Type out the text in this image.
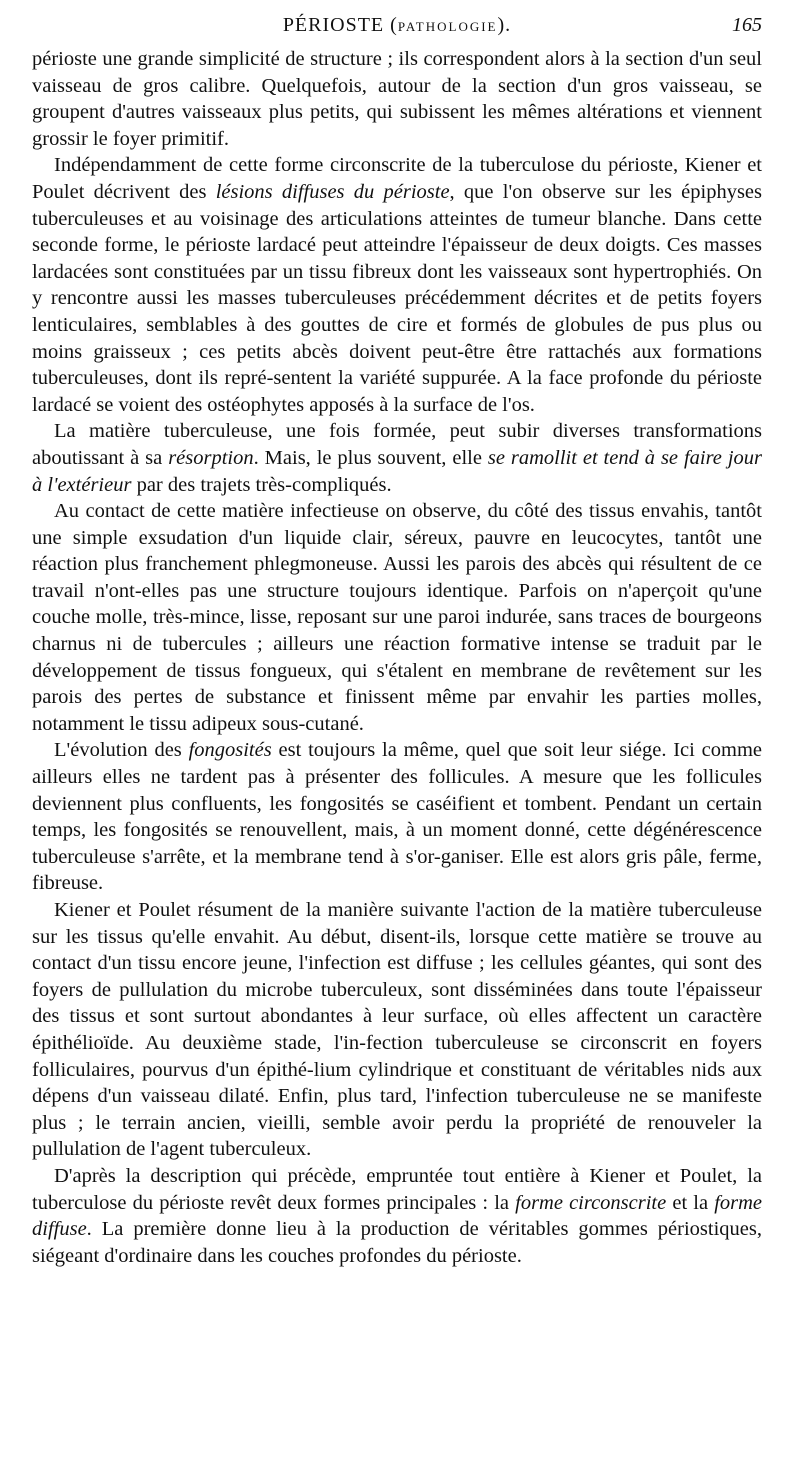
PÉRIOSTE (PATHOLOGIE).	165

périoste une grande simplicité de structure ; ils correspondent alors à la section d'un seul vaisseau de gros calibre. Quelquefois, autour de la section d'un gros vaisseau, se groupent d'autres vaisseaux plus petits, qui subissent les mêmes altérations et viennent grossir le foyer primitif.

Indépendamment de cette forme circonscrite de la tuberculose du périoste, Kiener et Poulet décrivent des lésions diffuses du périoste, que l'on observe sur les épiphyses tuberculeuses et au voisinage des articulations atteintes de tumeur blanche. Dans cette seconde forme, le périoste lardacé peut atteindre l'épaisseur de deux doigts. Ces masses lardacées sont constituées par un tissu fibreux dont les vaisseaux sont hypertrophiés. On y rencontre aussi les masses tuberculeuses précédemment décrites et de petits foyers lenticulaires, semblables à des gouttes de cire et formés de globules de pus plus ou moins graisseux ; ces petits abcès doivent peut-être être rattachés aux formations tuberculeuses, dont ils repré-sentent la variété suppurée. A la face profonde du périoste lardacé se voient des ostéophytes apposés à la surface de l'os.

La matière tuberculeuse, une fois formée, peut subir diverses transformations aboutissant à sa résorption. Mais, le plus souvent, elle se ramollit et tend à se faire jour à l'extérieur par des trajets très-compliqués.

Au contact de cette matière infectieuse on observe, du côté des tissus envahis, tantôt une simple exsudation d'un liquide clair, séreux, pauvre en leucocytes, tantôt une réaction plus franchement phlegmoneuse. Aussi les parois des abcès qui résultent de ce travail n'ont-elles pas une structure toujours identique. Parfois on n'aperçoit qu'une couche molle, très-mince, lisse, reposant sur une paroi indurée, sans traces de bourgeons charnus ni de tubercules ; ailleurs une réaction formative intense se traduit par le développement de tissus fongueux, qui s'étalent en membrane de revêtement sur les parois des pertes de substance et finissent même par envahir les parties molles, notamment le tissu adipeux sous-cutané.

L'évolution des fongosités est toujours la même, quel que soit leur siége. Ici comme ailleurs elles ne tardent pas à présenter des follicules. A mesure que les follicules deviennent plus confluents, les fongosités se caséifient et tombent. Pendant un certain temps, les fongosités se renouvellent, mais, à un moment donné, cette dégénérescence tuberculeuse s'arrête, et la membrane tend à s'or-ganiser. Elle est alors gris pâle, ferme, fibreuse.

Kiener et Poulet résument de la manière suivante l'action de la matière tuberculeuse sur les tissus qu'elle envahit. Au début, disent-ils, lorsque cette matière se trouve au contact d'un tissu encore jeune, l'infection est diffuse ; les cellules géantes, qui sont des foyers de pullulation du microbe tuberculeux, sont disséminées dans toute l'épaisseur des tissus et sont surtout abondantes à leur surface, où elles affectent un caractère épithélioïde. Au deuxième stade, l'in-fection tuberculeuse se circonscrit en foyers folliculaires, pourvus d'un épithé-lium cylindrique et constituant de véritables nids aux dépens d'un vaisseau dilaté. Enfin, plus tard, l'infection tuberculeuse ne se manifeste plus ; le terrain ancien, vieilli, semble avoir perdu la propriété de renouveler la pullulation de l'agent tuberculeux.

D'après la description qui précède, empruntée tout entière à Kiener et Poulet, la tuberculose du périoste revêt deux formes principales : la forme circonscrite et la forme diffuse. La première donne lieu à la production de véritables gommes périostiques, siégeant d'ordinaire dans les couches profondes du périoste.
